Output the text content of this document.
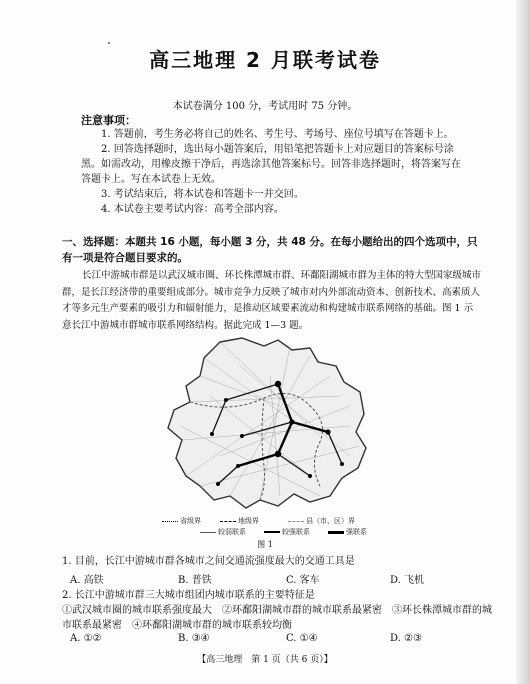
高三地理 2 月联考试卷
本试卷满分 100 分，考试用时 75 分钟。
注意事项：

1. 答题前，考生务必将自己的姓名、考生号、考场号、座位号填写在答题卡上。

2. 回答选择题时，选出每小题答案后，用铅笔把答题卡上对应题目的答案标号涂黑。如需改动，用橡皮擦干净后，再选涂其他答案标号。回答非选择题时，将答案写在答题卡上。写在本试卷上无效。

3. 考试结束后，将本试卷和答题卡一并交回。

4. 本试卷主要考试内容：高考全部内容。

一、选择题：本题共 16 小题，每小题 3 分，共 48 分。在每小题给出的四个选项中，只有一项是符合题目要求的。

长江中游城市群是以武汉城市圈、环长株潭城市群、环鄱阳湖城市群为主体的特大型国家级城市群，是长江经济带的重要组成部分。城市竞争力反映了城市对内外部流动资本、创新技术、高素质人才等多元生产要素的吸引力和辐射能力，是推动区域要素流动和构建城市联系网络的基础。图 1 示意长江中游城市群城市联系网络结构。据此完成 1—3 题。

省级界	地级界	县（市、区）界
较弱联系	较强联系	强联系
图 1

1. 目前，长江中游城市群各城市之间交通流强度最大的交通工具是

A. 高铁	B. 普铁	C. 客车	D. 飞机

2. 长江中游城市群三大城市组团内城市联系的主要特征是

①武汉城市圈的城市联系强度最大　②环鄱阳湖城市群的城市联系最紧密　③环长株潭城市群的城市联系最紧密　④环鄱阳湖城市群的城市联系较均衡

A. ①②	B. ③④	C. ①④	D. ②③
【高三地理　第 1 页（共 6 页）】
